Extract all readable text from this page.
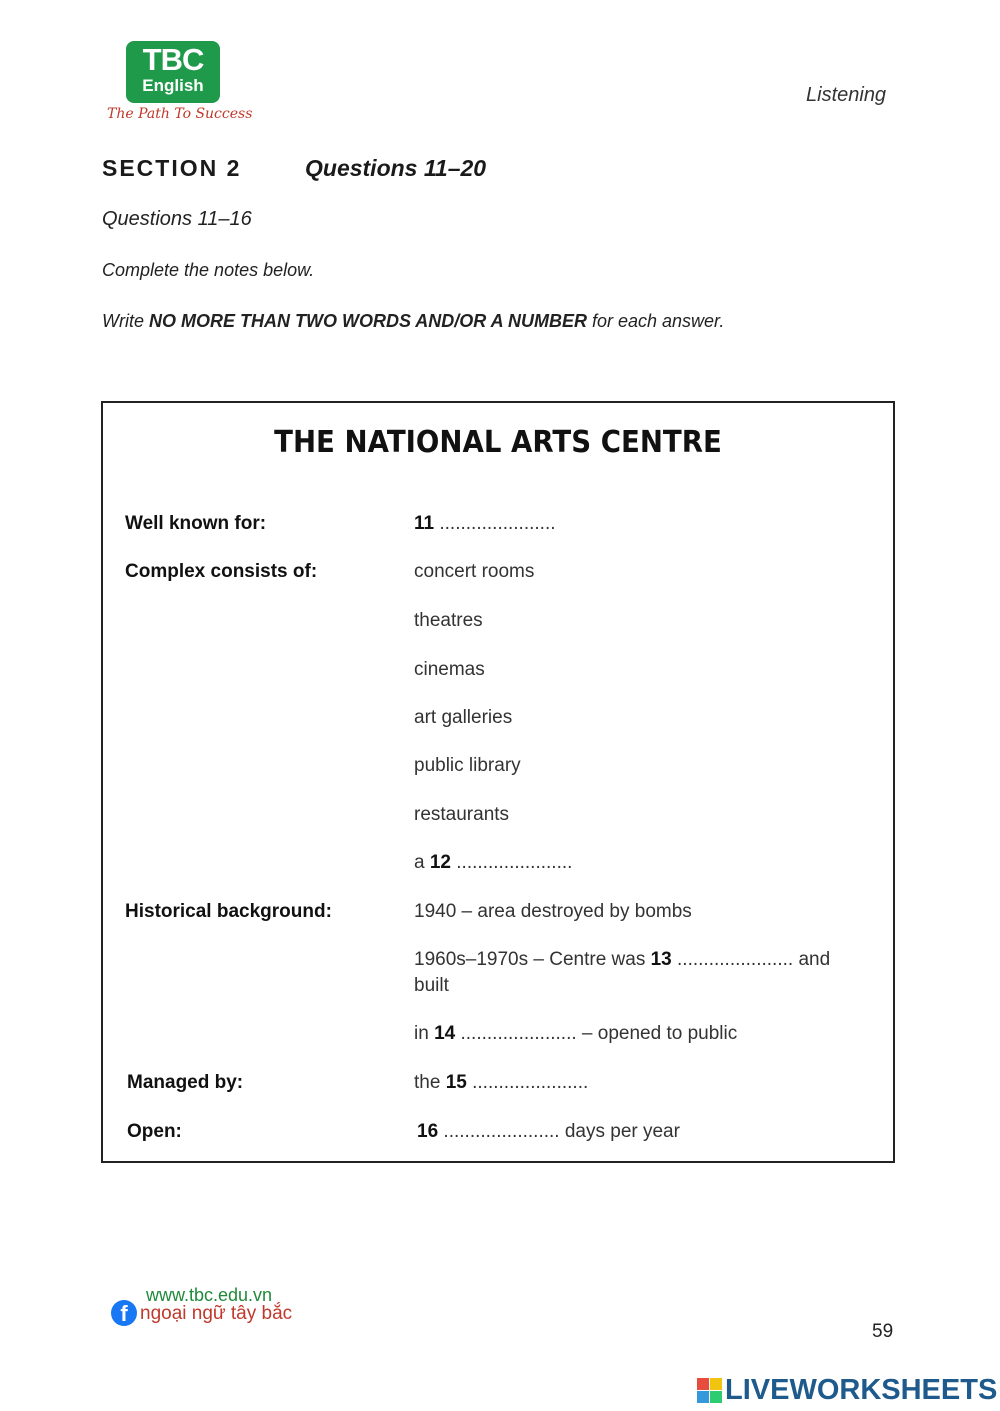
TBC
English
The Path To Success
Listening
SECTION 2	Questions 11–20
Questions 11–16
Complete the notes below.
Write NO MORE THAN TWO WORDS AND/OR A NUMBER for each answer.
THE NATIONAL ARTS CENTRE
Well known for:	11 ......................
Complex consists of:	concert rooms
theatres
cinemas
art galleries
public library
restaurants
a 12 ......................
Historical background:	1940 – area destroyed by bombs
1960s–1970s – Centre was 13 ...................... and
built
in 14 ...................... – opened to public
Managed by:	the 15 ......................
Open:	16 ...................... days per year
www.tbc.edu.vn
f ngoại ngữ tây bắc
59
LIVEWORKSHEETS
